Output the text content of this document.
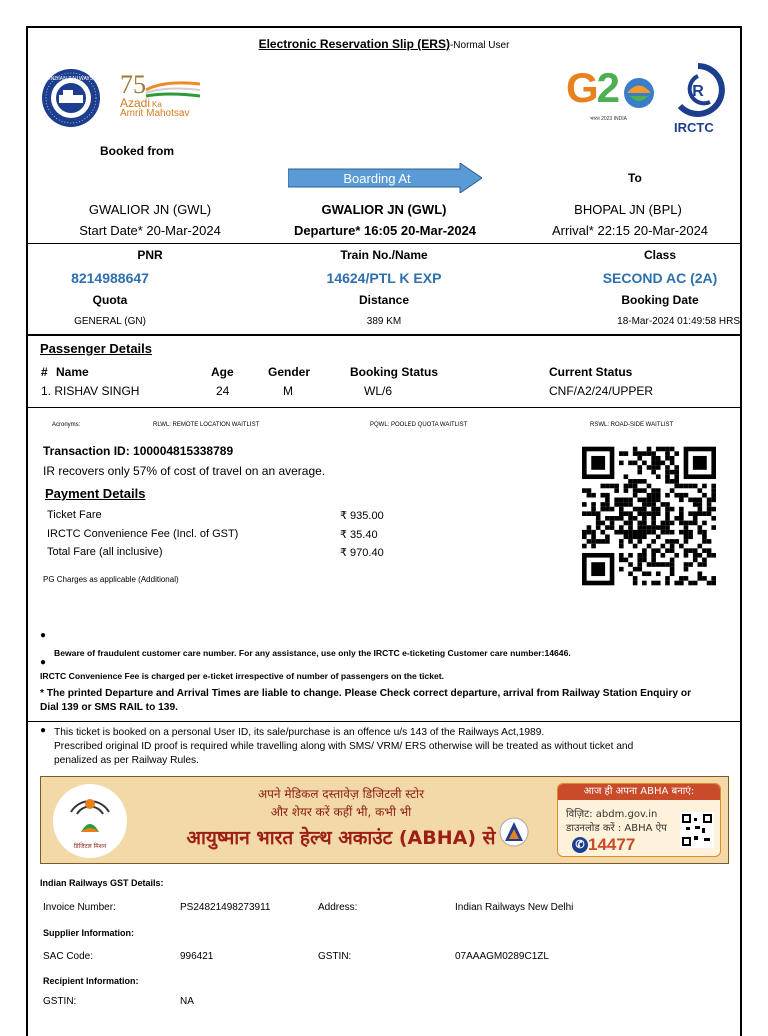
Electronic Reservation Slip (ERS)-Normal User
INDIAN RAILWAYS 75
Azadi Ka
Amrit Mahotsav
G2
भारत 2023 INDIA
R
IRCTC
Booked from
Boarding At	To
GWALIOR JN (GWL)	GWALIOR JN (GWL)	BHOPAL JN (BPL)
Start Date* 20-Mar-2024	Departure* 16:05 20-Mar-2024	Arrival* 22:15 20-Mar-2024
PNR	Train No./Name	Class
8214988647	14624/PTL K EXP	SECOND AC (2A)
Quota	Distance	Booking Date
GENERAL (GN)	389 KM	18-Mar-2024 01:49:58 HRS
Passenger Details
# Name	Age	Gender	Booking Status	Current Status
1. RISHAV SINGH	24	M	WL/6	CNF/A2/24/UPPER
Acronyms:	RLWL: REMOTE LOCATION WAITLIST	PQWL: POOLED QUOTA WAITLIST	RSWL: ROAD-SIDE WAITLIST
Transaction ID: 100004815338789
IR recovers only 57% of cost of travel on an average.
Payment Details
Ticket Fare	₹ 935.00
IRCTC Convenience Fee (Incl. of GST)	₹ 35.40
Total Fare (all inclusive)	₹ 970.40
PG Charges as applicable (Additional)
●
Beware of fraudulent customer care number. For any assistance, use only the IRCTC e-ticketing Customer care number:14646.
●
IRCTC Convenience Fee is charged per e-ticket irrespective of number of passengers on the ticket.
* The printed Departure and Arrival Times are liable to change. Please Check correct departure, arrival from Railway Station Enquiry or
Dial 139 or SMS RAIL to 139.
● This ticket is booked on a personal User ID, its sale/purchase is an offence u/s 143 of the Railways Act,1989.
Prescribed original ID proof is required while travelling along with SMS/ VRM/ ERS otherwise will be treated as without ticket and
penalized as per Railway Rules.
डिजिटल मिशन
अपने मेडिकल दस्तावेज़ डिजिटली स्टोर
और शेयर करें कहीं भी, कभी भी
आयुष्मान भारत हेल्थ अकाउंट (ABHA) से
आज ही अपना ABHA बनाएं:
विज़िट: abdm.gov.in
डाउनलोड करें : ABHA ऐप
✆ 14477
Indian Railways GST Details:
Invoice Number:	PS24821498273911	Address:	Indian Railways New Delhi
Supplier Information:
SAC Code:	996421	GSTIN:	07AAAGM0289C1ZL
Recipient Information:
GSTIN:	NA
